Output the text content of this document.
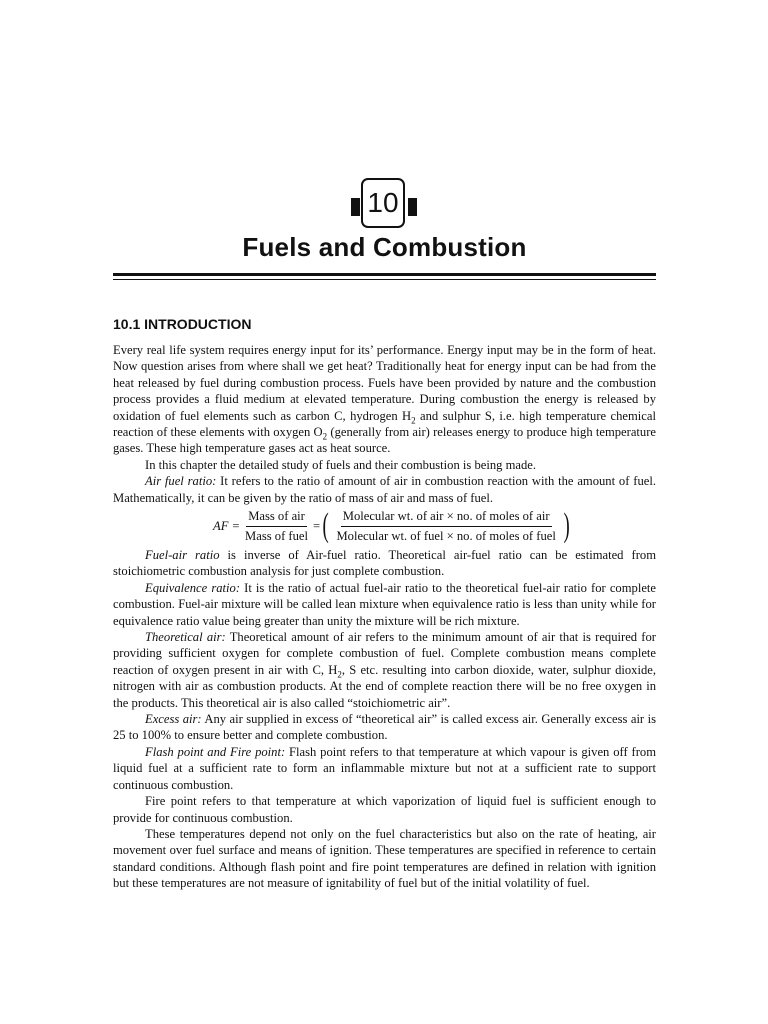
10
Fuels and Combustion
10.1 INTRODUCTION

Every real life system requires energy input for its’ performance. Energy input may be in the form of heat. Now question arises from where shall we get heat? Traditionally heat for energy input can be had from the heat released by fuel during combustion process. Fuels have been provided by nature and the combustion process provides a fluid medium at elevated temperature. During combustion the energy is released by oxidation of fuel elements such as carbon C, hydrogen $H_2$ and sulphur S, i.e. high temperature chemical reaction of these elements with oxygen $O_2$ (generally from air) releases energy to produce high temperature gases. These high temperature gases act as heat source.

In this chapter the detailed study of fuels and their combustion is being made.

Air fuel ratio: It refers to the ratio of amount of air in combustion reaction with the amount of fuel. Mathematically, it can be given by the ratio of mass of air and mass of fuel.

AF = $\frac{\text{Mass of air}}{\text{Mass of fuel}}$ = ( $\frac{\text{Molecular wt. of air × no. of moles of air}}{\text{Molecular wt. of fuel × no. of moles of fuel}}$ )

Fuel-air ratio is inverse of Air-fuel ratio. Theoretical air-fuel ratio can be estimated from stoichiometric combustion analysis for just complete combustion.

Equivalence ratio: It is the ratio of actual fuel-air ratio to the theoretical fuel-air ratio for complete combustion. Fuel-air mixture will be called lean mixture when equivalence ratio is less than unity while for equivalence ratio value being greater than unity the mixture will be rich mixture.

Theoretical air: Theoretical amount of air refers to the minimum amount of air that is required for providing sufficient oxygen for complete combustion of fuel. Complete combustion means complete reaction of oxygen present in air with C, $H_2$, S etc. resulting into carbon dioxide, water, sulphur dioxide, nitrogen with air as combustion products. At the end of complete reaction there will be no free oxygen in the products. This theoretical air is also called “stoichiometric air”.

Excess air: Any air supplied in excess of “theoretical air” is called excess air. Generally excess air is 25 to 100% to ensure better and complete combustion.

Flash point and Fire point: Flash point refers to that temperature at which vapour is given off from liquid fuel at a sufficient rate to form an inflammable mixture but not at a sufficient rate to support continuous combustion.

Fire point refers to that temperature at which vaporization of liquid fuel is sufficient enough to provide for continuous combustion.

These temperatures depend not only on the fuel characteristics but also on the rate of heating, air movement over fuel surface and means of ignition. These temperatures are specified in reference to certain standard conditions. Although flash point and fire point temperatures are defined in relation with ignition but these temperatures are not measure of ignitability of fuel but of the initial volatility of fuel.
